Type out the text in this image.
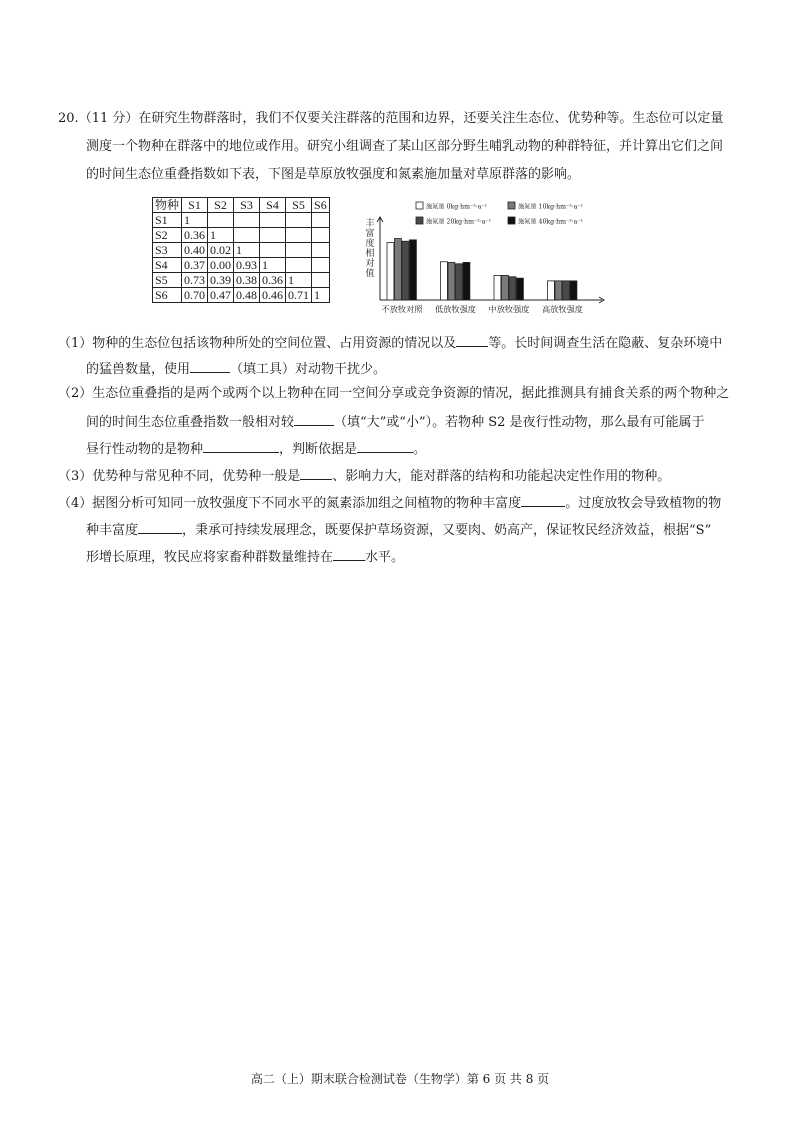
20.（11 分）在研究生物群落时，我们不仅要关注群落的范围和边界，还要关注生态位、优势种等。生态位可以定量
测度一个物种在群落中的地位或作用。研究小组调查了某山区部分野生哺乳动物的种群特征，并计算出它们之间
的时间生态位重叠指数如下表，下图是草原放牧强度和氮素施加量对草原群落的影响。
物种	S1	S2	S3	S4	S5	S6
S1	1					
S2	0.36	1				
S3	0.40	0.02	1			
S4	0.37	0.00	0.93	1		
S5	0.73	0.39	0.38	0.36	1	
S6	0.70	0.47	0.48	0.46	0.71	1
施氮量 0kg·hm⁻²·a⁻¹	施氮量 10kg·hm⁻²·a⁻¹
施氮量 20kg·hm⁻²·a⁻¹	施氮量 40kg·hm⁻²·a⁻¹
丰
富
度
相
对
值
不放牧对照 低放牧强度 中放牧强度 高放牧强度
（1）物种的生态位包括该物种所处的空间位置、占用资源的情况以及 等。长时间调查生活在隐蔽、复杂环境中
的猛兽数量，使用	（填工具）对动物干扰少。
（2）生态位重叠指的是两个或两个以上物种在同一空间分享或竞争资源的情况，据此推测具有捕食关系的两个物种之
间的时间生态位重叠指数一般相对较	（填“大”或“小”）。若物种 S2 是夜行性动物，那么最有可能属于
昼行性动物的是物种	，判断依据是	。
（3）优势种与常见种不同，优势种一般是 、影响力大，能对群落的结构和功能起决定性作用的物种。
（4）据图分析可知同一放牧强度下不同水平的氮素添加组之间植物的物种丰富度	。过度放牧会导致植物的物
种丰富度	，秉承可持续发展理念，既要保护草场资源，又要肉、奶高产，保证牧民经济效益，根据“S”
形增长原理，牧民应将家畜种群数量维持在 水平。
高二（上）期末联合检测试卷（生物学）第 6 页 共 8 页
